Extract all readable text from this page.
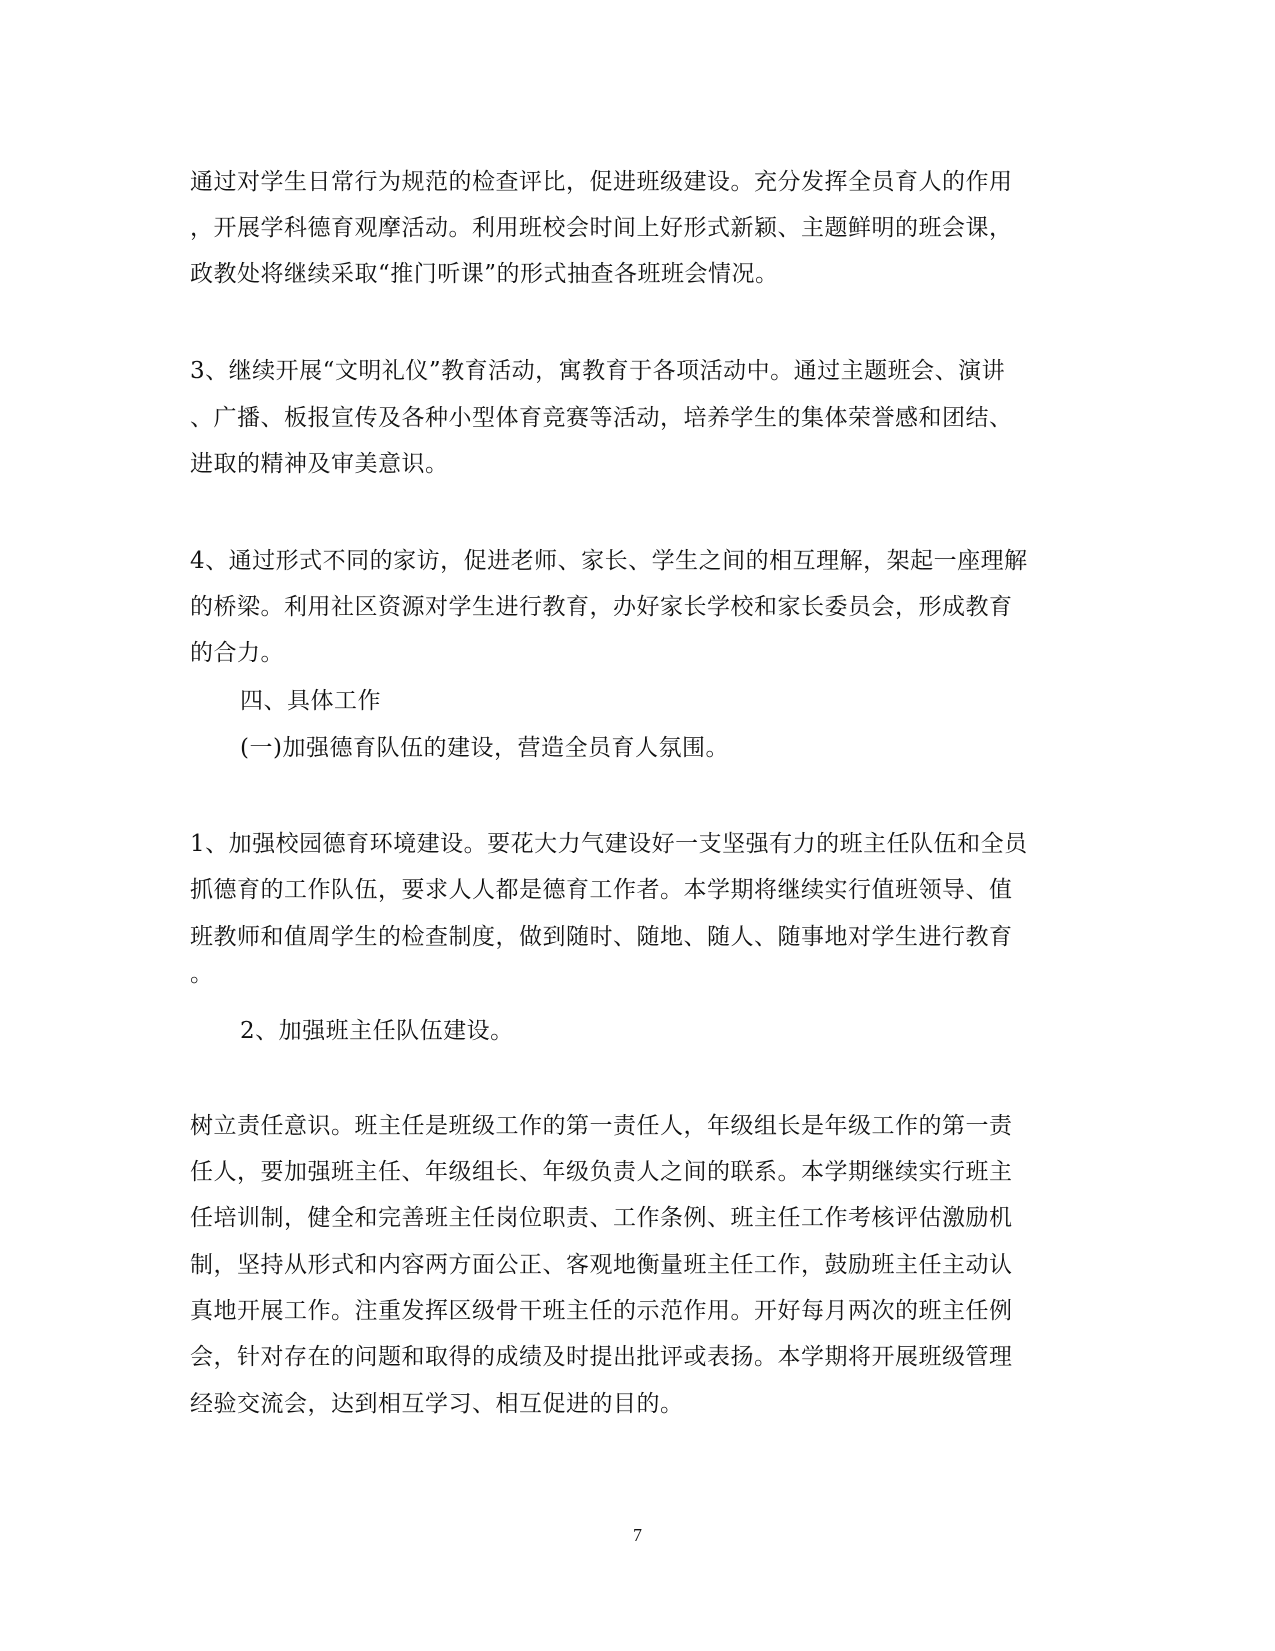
通过对学生日常行为规范的检查评比，促进班级建设。充分发挥全员育人的作用
，开展学科德育观摩活动。利用班校会时间上好形式新颖、主题鲜明的班会课，
政教处将继续采取“推门听课”的形式抽查各班班会情况。
3、继续开展“文明礼仪”教育活动，寓教育于各项活动中。通过主题班会、演讲
、广播、板报宣传及各种小型体育竞赛等活动，培养学生的集体荣誉感和团结、
进取的精神及审美意识。
4、通过形式不同的家访，促进老师、家长、学生之间的相互理解，架起一座理解
的桥梁。利用社区资源对学生进行教育，办好家长学校和家长委员会，形成教育
的合力。
四、具体工作
(一)加强德育队伍的建设，营造全员育人氛围。
1、加强校园德育环境建设。要花大力气建设好一支坚强有力的班主任队伍和全员
抓德育的工作队伍，要求人人都是德育工作者。本学期将继续实行值班领导、值
班教师和值周学生的检查制度，做到随时、随地、随人、随事地对学生进行教育
。
2、加强班主任队伍建设。
树立责任意识。班主任是班级工作的第一责任人，年级组长是年级工作的第一责
任人，要加强班主任、年级组长、年级负责人之间的联系。本学期继续实行班主
任培训制，健全和完善班主任岗位职责、工作条例、班主任工作考核评估激励机
制，坚持从形式和内容两方面公正、客观地衡量班主任工作，鼓励班主任主动认
真地开展工作。注重发挥区级骨干班主任的示范作用。开好每月两次的班主任例
会，针对存在的问题和取得的成绩及时提出批评或表扬。本学期将开展班级管理
经验交流会，达到相互学习、相互促进的目的。
7
